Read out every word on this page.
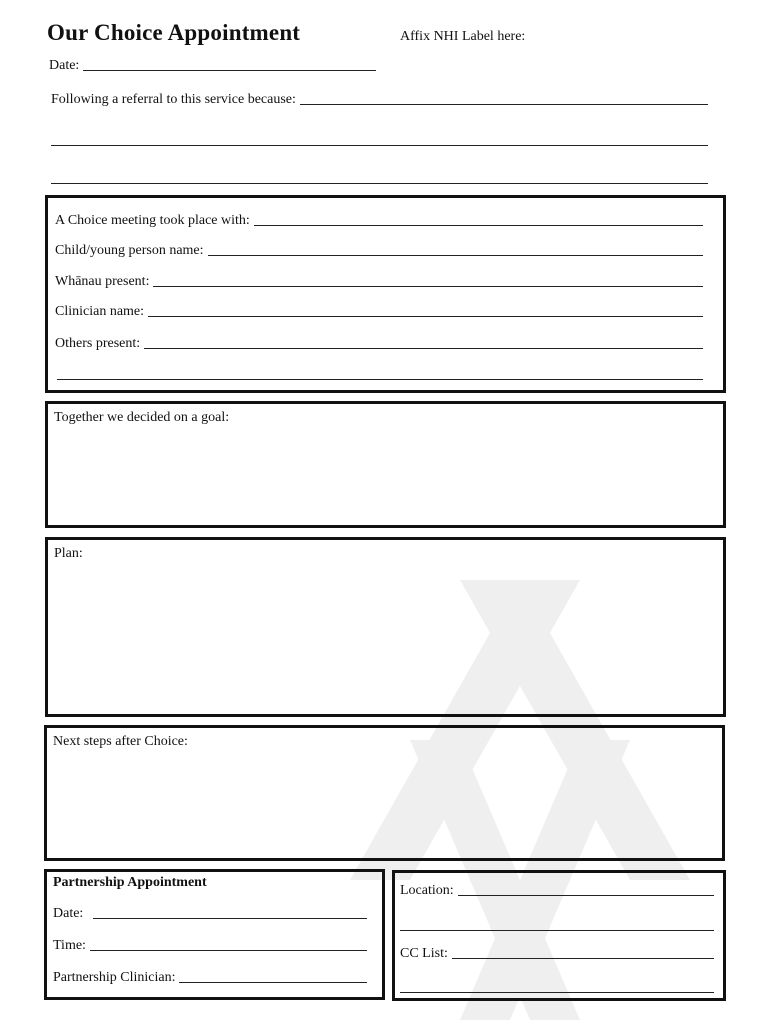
Our Choice Appointment	Affix NHI Label here:
Date:
Following a referral to this service because:
A Choice meeting took place with:
Child/young person name:
Whānau present:
Clinician name:
Others present:
Together we decided on a goal:
Plan:
Next steps after Choice:
Partnership Appointment
Date:
Time:
Partnership Clinician:
Location:
CC List:
